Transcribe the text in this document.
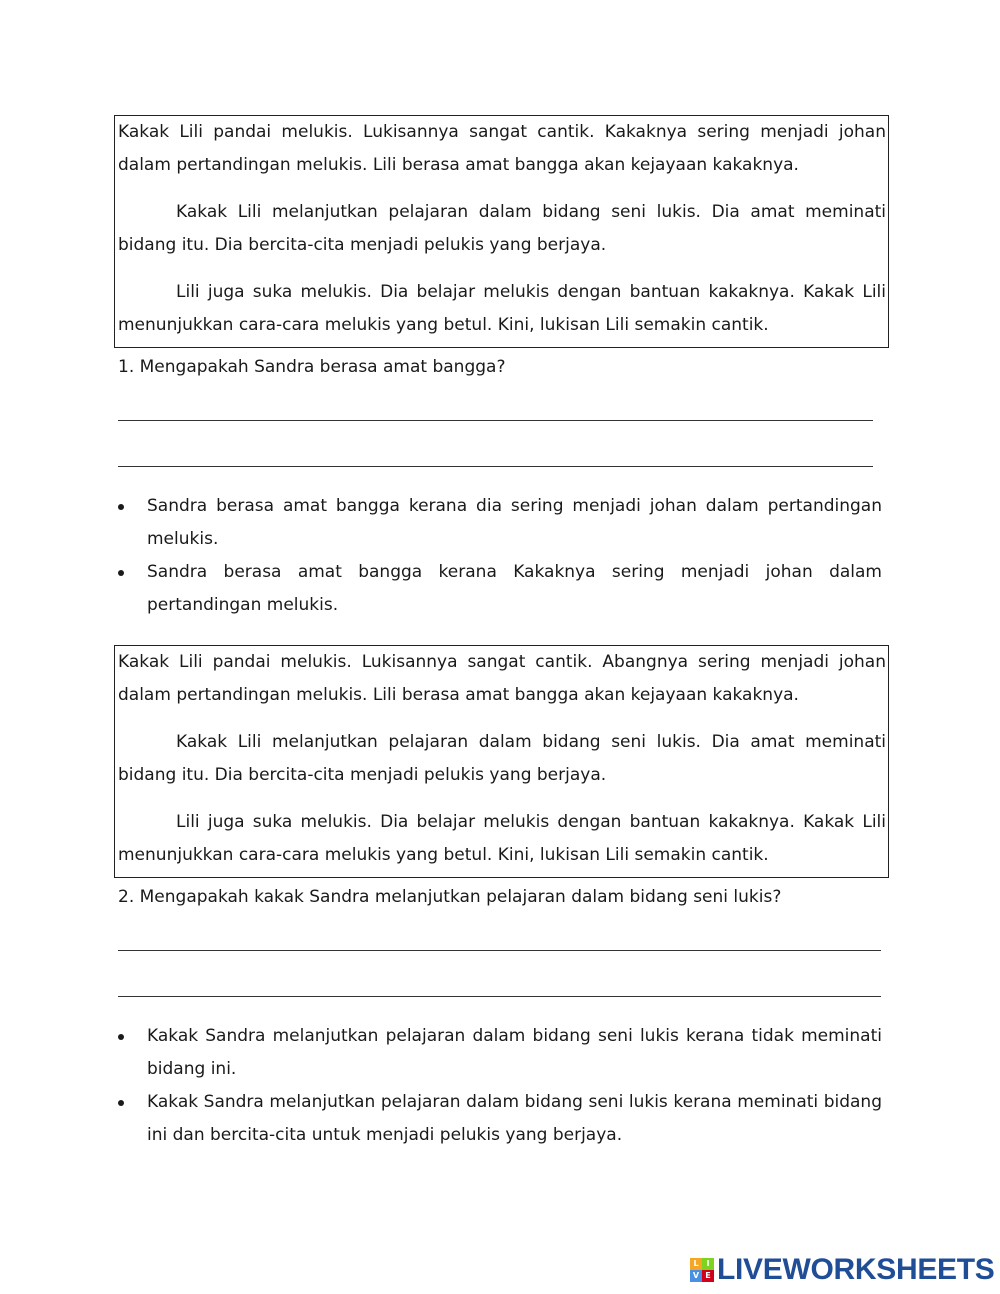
Kakak Lili pandai melukis. Lukisannya sangat cantik. Kakaknya sering menjadi johan dalam pertandingan melukis. Lili berasa amat bangga akan kejayaan kakaknya.

Kakak Lili melanjutkan pelajaran dalam bidang seni lukis. Dia amat meminati bidang itu. Dia bercita-cita menjadi pelukis yang berjaya.

Lili juga suka melukis. Dia belajar melukis dengan bantuan kakaknya. Kakak Lili menunjukkan cara-cara melukis yang betul. Kini, lukisan Lili semakin cantik.

1. Mengapakah Sandra berasa amat bangga?

Sandra berasa amat bangga kerana dia sering menjadi johan dalam pertandingan melukis.
Sandra berasa amat bangga kerana Kakaknya sering menjadi johan dalam pertandingan melukis.

Kakak Lili pandai melukis. Lukisannya sangat cantik. Abangnya sering menjadi johan dalam pertandingan melukis. Lili berasa amat bangga akan kejayaan kakaknya.

Kakak Lili melanjutkan pelajaran dalam bidang seni lukis. Dia amat meminati bidang itu. Dia bercita-cita menjadi pelukis yang berjaya.

Lili juga suka melukis. Dia belajar melukis dengan bantuan kakaknya. Kakak Lili menunjukkan cara-cara melukis yang betul. Kini, lukisan Lili semakin cantik.

2. Mengapakah kakak Sandra melanjutkan pelajaran dalam bidang seni lukis?

Kakak Sandra melanjutkan pelajaran dalam bidang seni lukis kerana tidak meminati bidang ini.
Kakak Sandra melanjutkan pelajaran dalam bidang seni lukis kerana meminati bidang ini dan bercita-cita untuk menjadi pelukis yang berjaya.
L I
V E LIVEWORKSHEETS
